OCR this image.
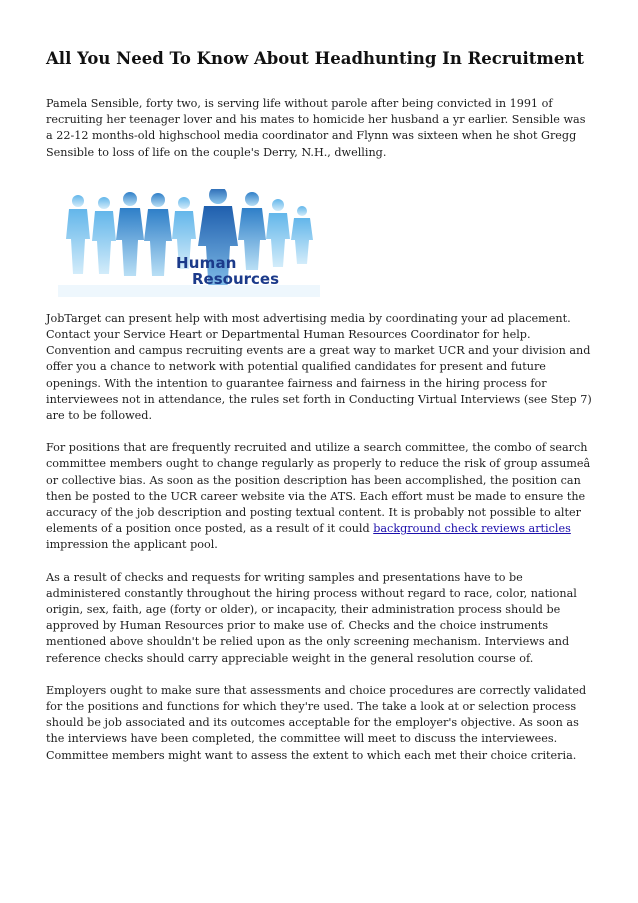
All You Need To Know About Headhunting In Recruitment

Pamela Sensible, forty two, is serving life without parole after being convicted in 1991 of recruiting her teenager lover and his mates to homicide her husband a yr earlier. Sensible was a 22-12 months-old highschool media coordinator and Flynn was sixteen when he shot Gregg Sensible to loss of life on the couple's Derry, N.H., dwelling.

Human
Resources

JobTarget can present help with most advertising media by coordinating your ad placement. Contact your Service Heart or Departmental Human Resources Coordinator for help. Convention and campus recruiting events are a great way to market UCR and your division and offer you a chance to network with potential qualified candidates for present and future openings. With the intention to guarantee fairness and fairness in the hiring process for interviewees not in attendance, the rules set forth in Conducting Virtual Interviews (see Step 7) are to be followed.

For positions that are frequently recruited and utilize a search committee, the combo of search committee members ought to change regularly as properly to reduce the risk of group assumeâ or collective bias. As soon as the position description has been accomplished, the position can then be posted to the UCR career website via the ATS. Each effort must be made to ensure the accuracy of the job description and posting textual content. It is probably not possible to alter elements of a position once posted, as a result of it could background check reviews articles impression the applicant pool.

As a result of checks and requests for writing samples and presentations have to be administered constantly throughout the hiring process without regard to race, color, national origin, sex, faith, age (forty or older), or incapacity, their administration process should be approved by Human Resources prior to make use of. Checks and the choice instruments mentioned above shouldn't be relied upon as the only screening mechanism. Interviews and reference checks should carry appreciable weight in the general resolution course of.

Employers ought to make sure that assessments and choice procedures are correctly validated for the positions and functions for which they're used. The take a look at or selection process should be job associated and its outcomes acceptable for the employer's objective. As soon as the interviews have been completed, the committee will meet to discuss the interviewees. Committee members might want to assess the extent to which each met their choice criteria.
